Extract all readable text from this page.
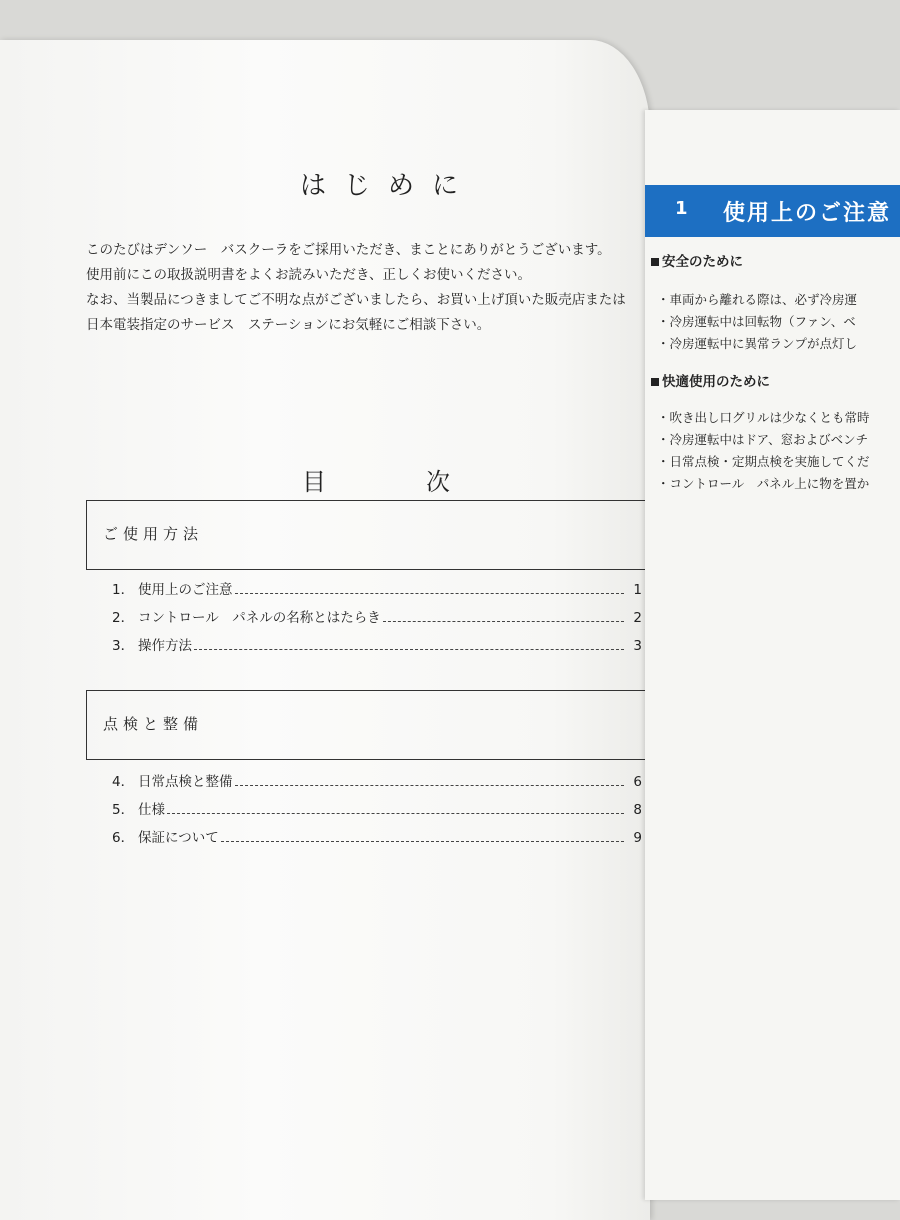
はじめに
このたびはデンソー　バスクーラをご採用いただき、まことにありがとうございます。
使用前にこの取扱説明書をよくお読みいただき、正しくお使いください。
なお、当製品につきましてご不明な点がございましたら、お買い上げ頂いた販売店または
日本電装指定のサービス　ステーションにお気軽にご相談下さい。
目次
ご使用方法
1． 使用上のご注意	1
2． コントロール　パネルの名称とはたらき	2
3． 操作方法	3
点検と整備
4． 日常点検と整備	6
5． 仕様	8
6． 保証について	9
1 使用上のご注意
安全のために
・車両から離れる際は、必ず冷房運
・冷房運転中は回転物（ファン、ベ
・冷房運転中に異常ランプが点灯し
快適使用のために
・吹き出し口グリルは少なくとも常時
・冷房運転中はドア、窓およびベンチ
・日常点検・定期点検を実施してくだ
・コントロール　パネル上に物を置か
